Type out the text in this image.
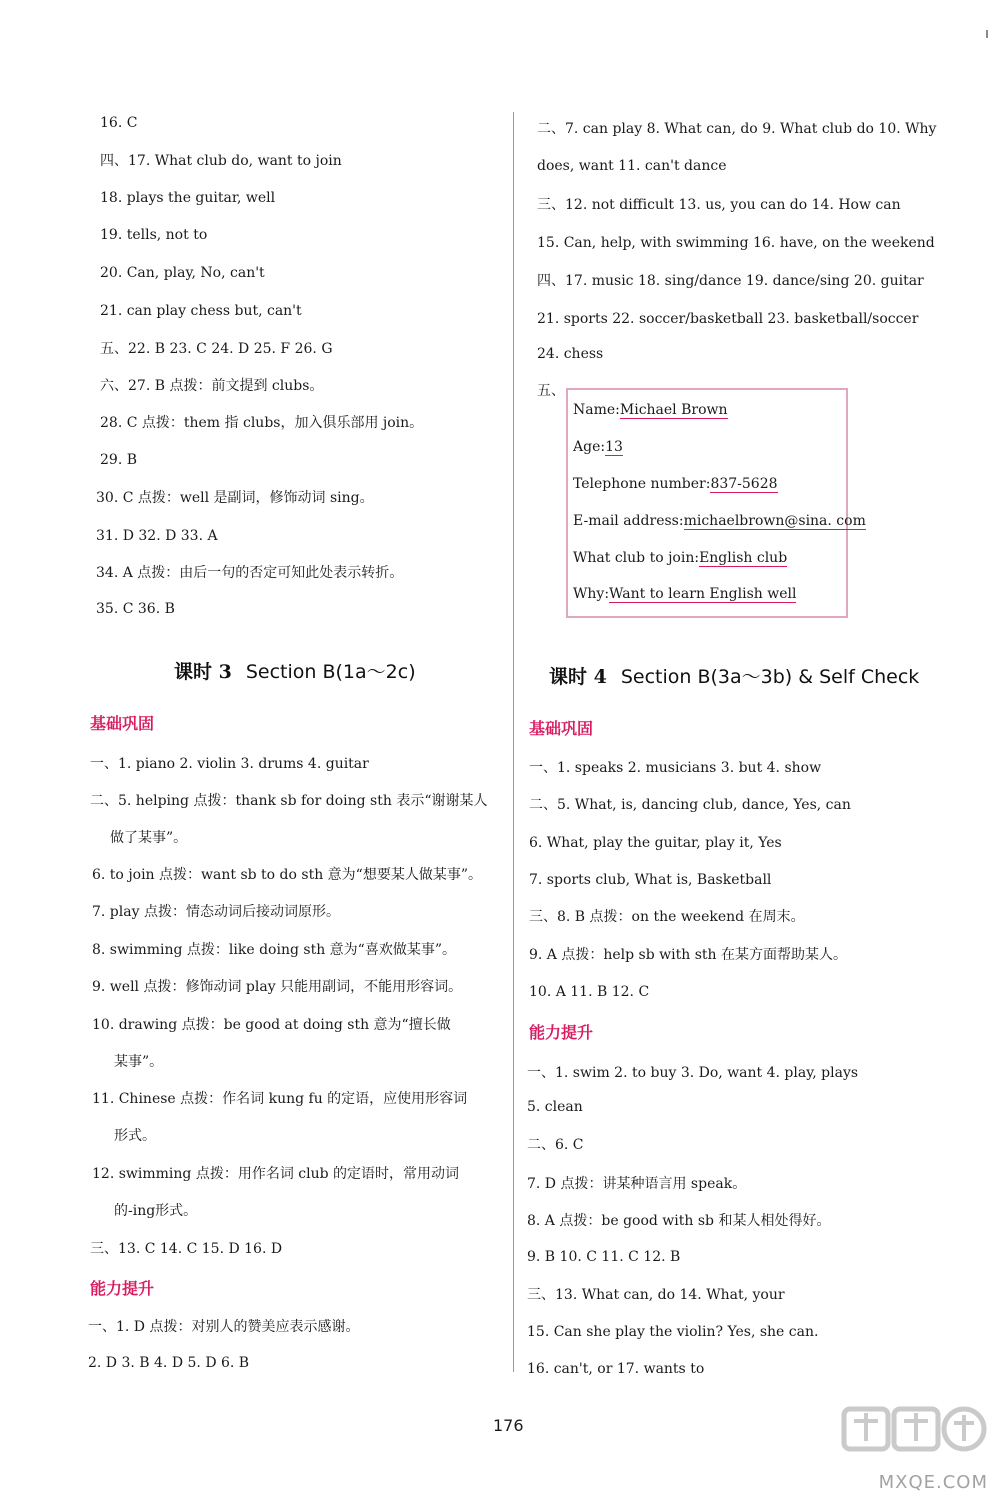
16. C
四、17. What club do, want to join
18. plays the guitar, well
19. tells, not to
20. Can, play, No, can't
21. can play chess but, can't
五、22. B 23. C 24. D 25. F 26. G
六、27. B 点拨：前文提到 clubs。
28. C 点拨：them 指 clubs，加入俱乐部用 join。
29. B
30. C 点拨：well 是副词，修饰动词 sing。
31. D 32. D 33. A
34. A 点拨：由后一句的否定可知此处表示转折。
35. C 36. B
课时 3 Section B(1a～2c)
基础巩固
一、1. piano 2. violin 3. drums 4. guitar
二、5. helping 点拨：thank sb for doing sth 表示“谢谢某人
做了某事”。
6. to join 点拨：want sb to do sth 意为“想要某人做某事”。
7. play 点拨：情态动词后接动词原形。
8. swimming 点拨：like doing sth 意为“喜欢做某事”。
9. well 点拨：修饰动词 play 只能用副词，不能用形容词。
10. drawing 点拨：be good at doing sth 意为“擅长做
某事”。
11. Chinese 点拨：作名词 kung fu 的定语，应使用形容词
形式。
12. swimming 点拨：用作名词 club 的定语时，常用动词
的-ing形式。
三、13. C 14. C 15. D 16. D
能力提升
一、1. D 点拨：对别人的赞美应表示感谢。
2. D 3. B 4. D 5. D 6. B
二、7. can play 8. What can, do 9. What club do 10. Why
does, want 11. can't dance
三、12. not difficult 13. us, you can do 14. How can
15. Can, help, with swimming 16. have, on the weekend
四、17. music 18. sing/dance 19. dance/sing 20. guitar
21. sports 22. soccer/basketball 23. basketball/soccer
24. chess
五、
Name:Michael Brown
Age:13
Telephone number:837-5628
E-mail address:michaelbrown@sina. com
What club to join:English club
Why:Want to learn English well
课时 4 Section B(3a～3b) & Self Check
基础巩固
一、1. speaks 2. musicians 3. but 4. show
二、5. What, is, dancing club, dance, Yes, can
6. What, play the guitar, play it, Yes
7. sports club, What is, Basketball
三、8. B 点拨：on the weekend 在周末。
9. A 点拨：help sb with sth 在某方面帮助某人。
10. A 11. B 12. C
能力提升
一、1. swim 2. to buy 3. Do, want 4. play, plays
5. clean
二、6. C
7. D 点拨：讲某种语言用 speak。
8. A 点拨：be good with sb 和某人相处得好。
9. B 10. C 11. C 12. B
三、13. What can, do 14. What, your
15. Can she play the violin? Yes, she can.
16. can't, or 17. wants to
176
MXQE.COM
